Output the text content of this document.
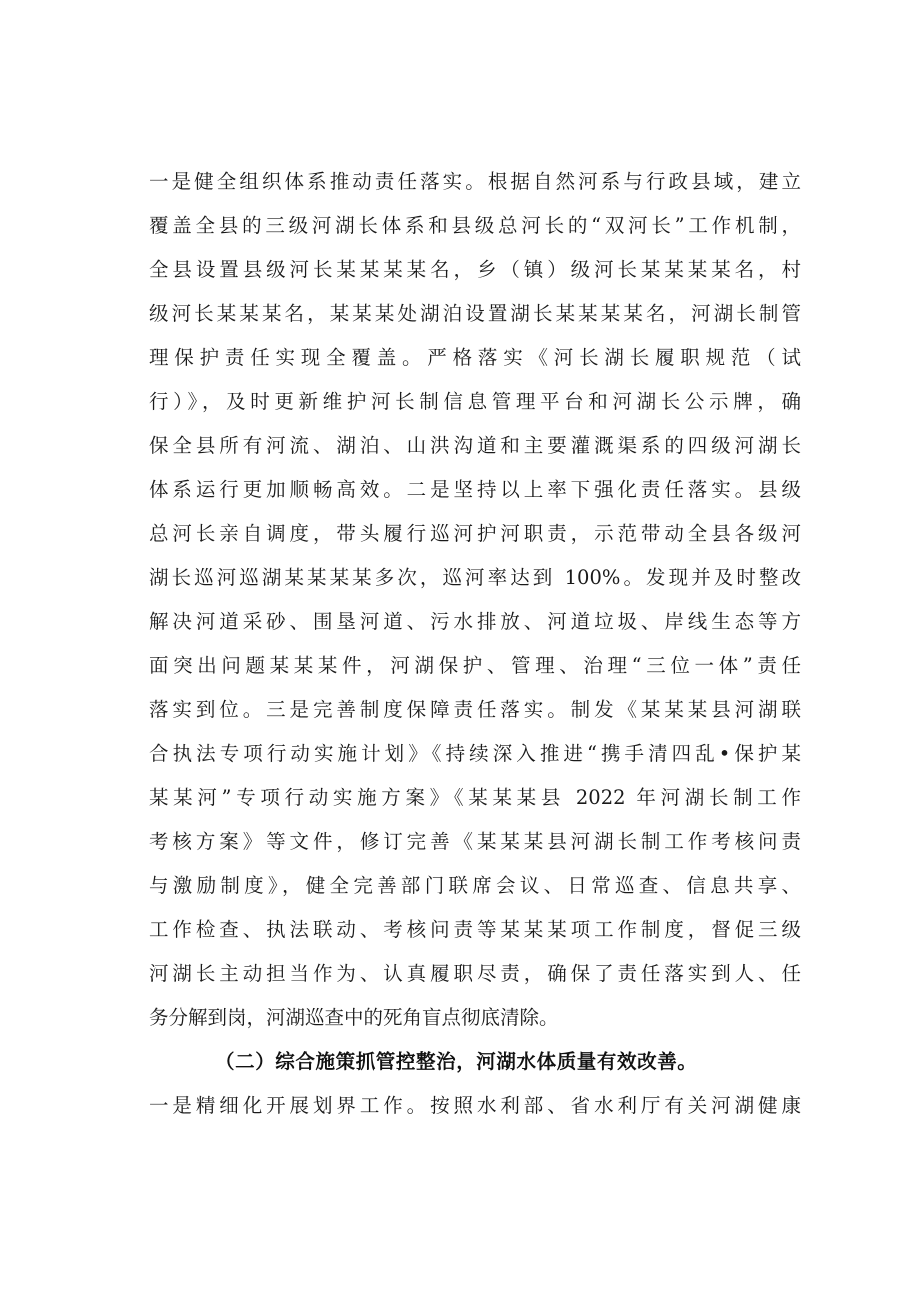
一是健全组织体系推动责任落实。根据自然河系与行政县域，建立
覆盖全县的三级河湖长体系和县级总河长的“双河长”工作机制，
全县设置县级河长某某某某名，乡（镇）级河长某某某某名，村
级河长某某某名，某某某处湖泊设置湖长某某某某名，河湖长制管
理保护责任实现全覆盖。严格落实《河长湖长履职规范（试
行）》，及时更新维护河长制信息管理平台和河湖长公示牌，确
保全县所有河流、湖泊、山洪沟道和主要灌溉渠系的四级河湖长
体系运行更加顺畅高效。二是坚持以上率下强化责任落实。县级
总河长亲自调度，带头履行巡河护河职责，示范带动全县各级河
湖长巡河巡湖某某某某多次，巡河率达到 100%。发现并及时整改
解决河道采砂、围垦河道、污水排放、河道垃圾、岸线生态等方
面突出问题某某某件，河湖保护、管理、治理“三位一体”责任
落实到位。三是完善制度保障责任落实。制发《某某某县河湖联
合执法专项行动实施计划》《持续深入推进“携手清四乱•保护某
某某河”专项行动实施方案》《某某某县 2022 年河湖长制工作
考核方案》等文件，修订完善《某某某县河湖长制工作考核问责
与激励制度》，健全完善部门联席会议、日常巡查、信息共享、
工作检查、执法联动、考核问责等某某某项工作制度，督促三级
河湖长主动担当作为、认真履职尽责，确保了责任落实到人、任
务分解到岗，河湖巡查中的死角盲点彻底清除。
（二）综合施策抓管控整治，河湖水体质量有效改善。
一是精细化开展划界工作。按照水利部、省水利厅有关河湖健康
